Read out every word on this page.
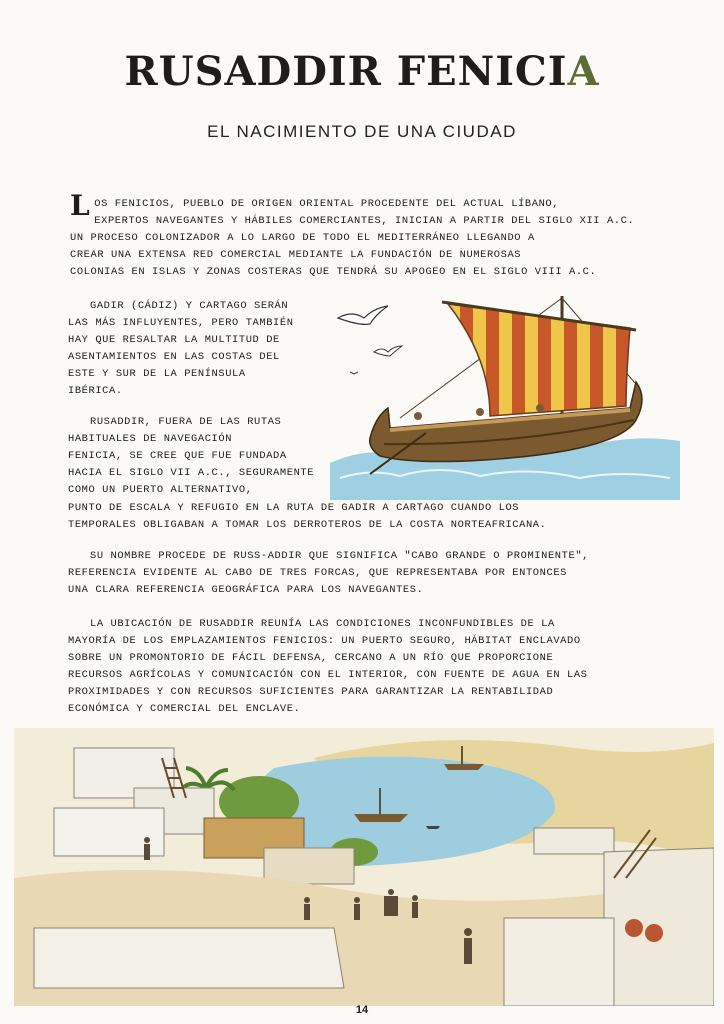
RUSADDIR FENICIA
EL NACIMIENTO DE UNA CIUDAD
L OS FENICIOS, PUEBLO DE ORIGEN ORIENTAL PROCEDENTE DEL ACTUAL LÍBANO,
EXPERTOS NAVEGANTES Y HÁBILES COMERCIANTES, INICIAN A PARTIR DEL SIGLO XII A.C.
UN PROCESO COLONIZADOR A LO LARGO DE TODO EL MEDITERRÁNEO LLEGANDO A
CREAR UNA EXTENSA RED COMERCIAL MEDIANTE LA FUNDACIÓN DE NUMEROSAS
COLONIAS EN ISLAS Y ZONAS COSTERAS QUE TENDRÁ SU APOGEO EN EL SIGLO VIII A.C.
GADIR (CÁDIZ) Y CARTAGO SERÁN
LAS MÁS INFLUYENTES, PERO TAMBIÉN
HAY QUE RESALTAR LA MULTITUD DE
ASENTAMIENTOS EN LAS COSTAS DEL
ESTE Y SUR DE LA PENÍNSULA
IBÉRICA.
RUSADDIR, FUERA DE LAS RUTAS
HABITUALES DE NAVEGACIÓN
FENICIA, SE CREE QUE FUE FUNDADA
HACIA EL SIGLO VII A.C., SEGURAMENTE
COMO UN PUERTO ALTERNATIVO,
PUNTO DE ESCALA Y REFUGIO EN LA RUTA DE GADIR A CARTAGO CUANDO LOS
TEMPORALES OBLIGABAN A TOMAR LOS DERROTEROS DE LA COSTA NORTEAFRICANA.
SU NOMBRE PROCEDE DE RUSS-ADDIR QUE SIGNIFICA "CABO GRANDE O PROMINENTE",
REFERENCIA EVIDENTE AL CABO DE TRES FORCAS, QUE REPRESENTABA POR ENTONCES
UNA CLARA REFERENCIA GEOGRÁFICA PARA LOS NAVEGANTES.
LA UBICACIÓN DE RUSADDIR REUNÍA LAS CONDICIONES INCONFUNDIBLES DE LA
MAYORÍA DE LOS EMPLAZAMIENTOS FENICIOS: UN PUERTO SEGURO, HÁBITAT ENCLAVADO
SOBRE UN PROMONTORIO DE FÁCIL DEFENSA, CERCANO A UN RÍO QUE PROPORCIONE
RECURSOS AGRÍCOLAS Y COMUNICACIÓN CON EL INTERIOR, CON FUENTE DE AGUA EN LAS
PROXIMIDADES Y CON RECURSOS SUFICIENTES PARA GARANTIZAR LA RENTABILIDAD
ECONÓMICA Y COMERCIAL DEL ENCLAVE.
14
